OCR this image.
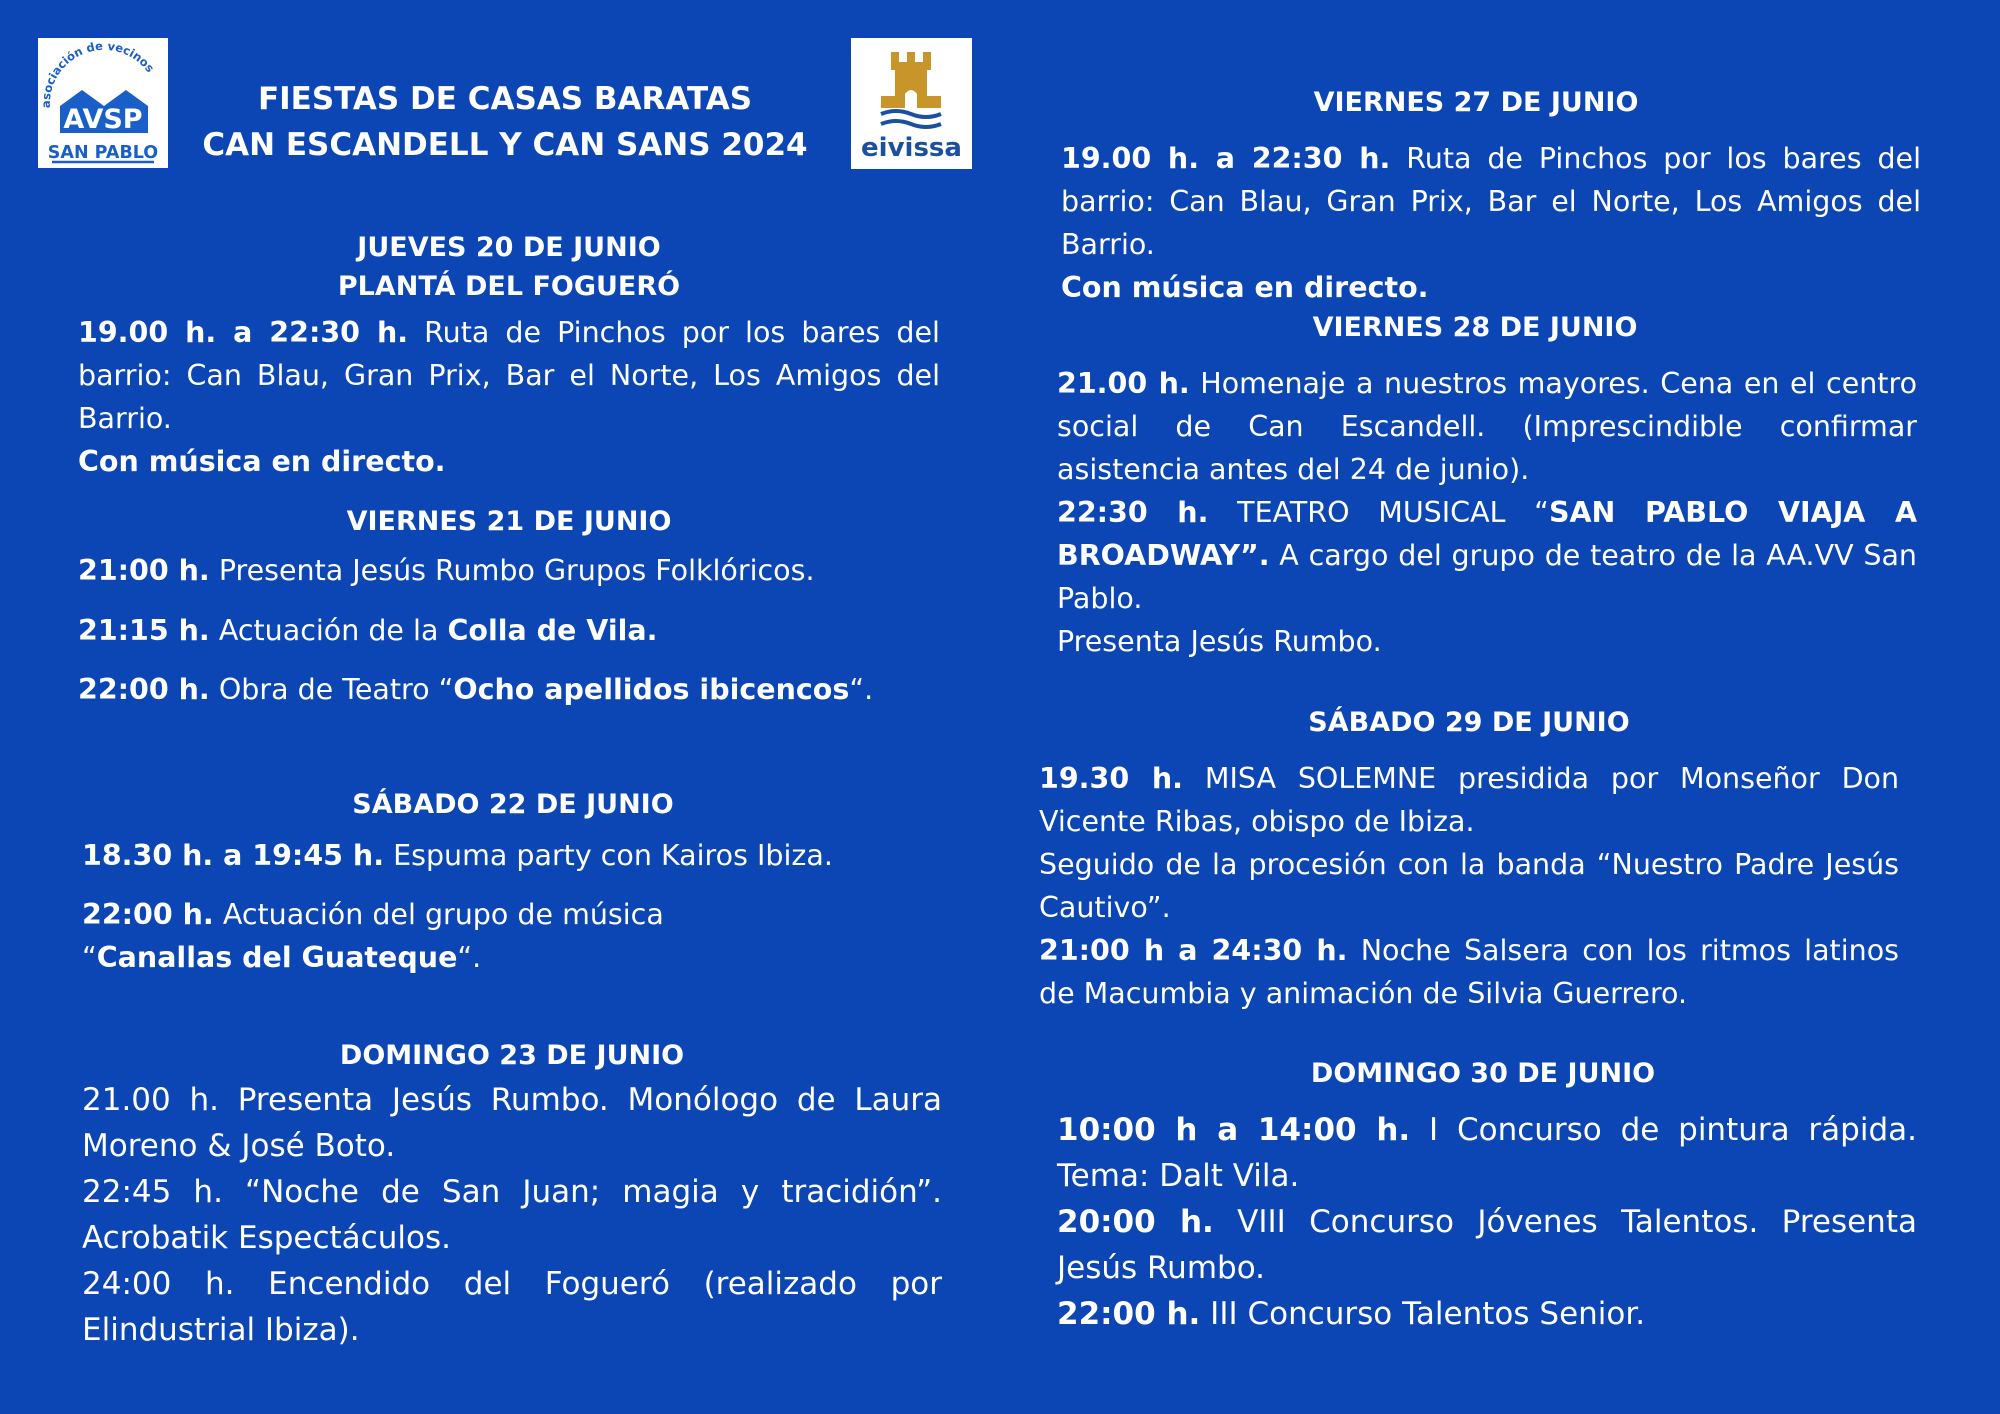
asociación de vecinos
AVSP
SAN PABLO
FIESTAS DE CASAS BARATAS
CAN ESCANDELL Y CAN SANS 2024 eivissa
JUEVES 20 DE JUNIO
PLANTÁ DEL FOGUERÓ

19.00 h. a 22:30 h. Ruta de Pinchos por los bares del barrio: Can Blau, Gran Prix, Bar el Norte, Los Amigos del Barrio.
Con música en directo.

VIERNES 21 DE JUNIO

21:00 h. Presenta Jesús Rumbo Grupos Folklóricos.

21:15 h. Actuación de la Colla de Vila.

22:00 h. Obra de Teatro “Ocho apellidos ibicencos“.

SÁBADO 22 DE JUNIO

18.30 h. a 19:45 h. Espuma party con Kairos Ibiza.

22:00 h. Actuación del grupo de música
“Canallas del Guateque“.

DOMINGO 23 DE JUNIO

21.00 h. Presenta Jesús Rumbo. Monólogo de Laura Moreno & José Boto.

22:45 h. “Noche de San Juan; magia y tracidión”. Acrobatik Espectáculos.

24:00 h. Encendido del Fogueró (realizado por Elindustrial Ibiza).

VIERNES 27 DE JUNIO

19.00 h. a 22:30 h. Ruta de Pinchos por los bares del barrio: Can Blau, Gran Prix, Bar el Norte, Los Amigos del Barrio.
Con música en directo.

VIERNES 28 DE JUNIO

21.00 h. Homenaje a nuestros mayores. Cena en el centro social de Can Escandell. (Imprescindible confirmar asistencia antes del 24 de junio).

22:30 h. TEATRO MUSICAL “SAN PABLO VIAJA A BROADWAY”. A cargo del grupo de teatro de la AA.VV San Pablo.

Presenta Jesús Rumbo.

SÁBADO 29 DE JUNIO

19.30 h. MISA SOLEMNE presidida por Monseñor Don Vicente Ribas, obispo de Ibiza.

Seguido de la procesión con la banda “Nuestro Padre Jesús Cautivo”.

21:00 h a 24:30 h. Noche Salsera con los ritmos latinos de Macumbia y animación de Silvia Guerrero.

DOMINGO 30 DE JUNIO

10:00 h a 14:00 h. I Concurso de pintura rápida. Tema: Dalt Vila.

20:00 h. VIII Concurso Jóvenes Talentos. Presenta Jesús Rumbo.

22:00 h. III Concurso Talentos Senior.
